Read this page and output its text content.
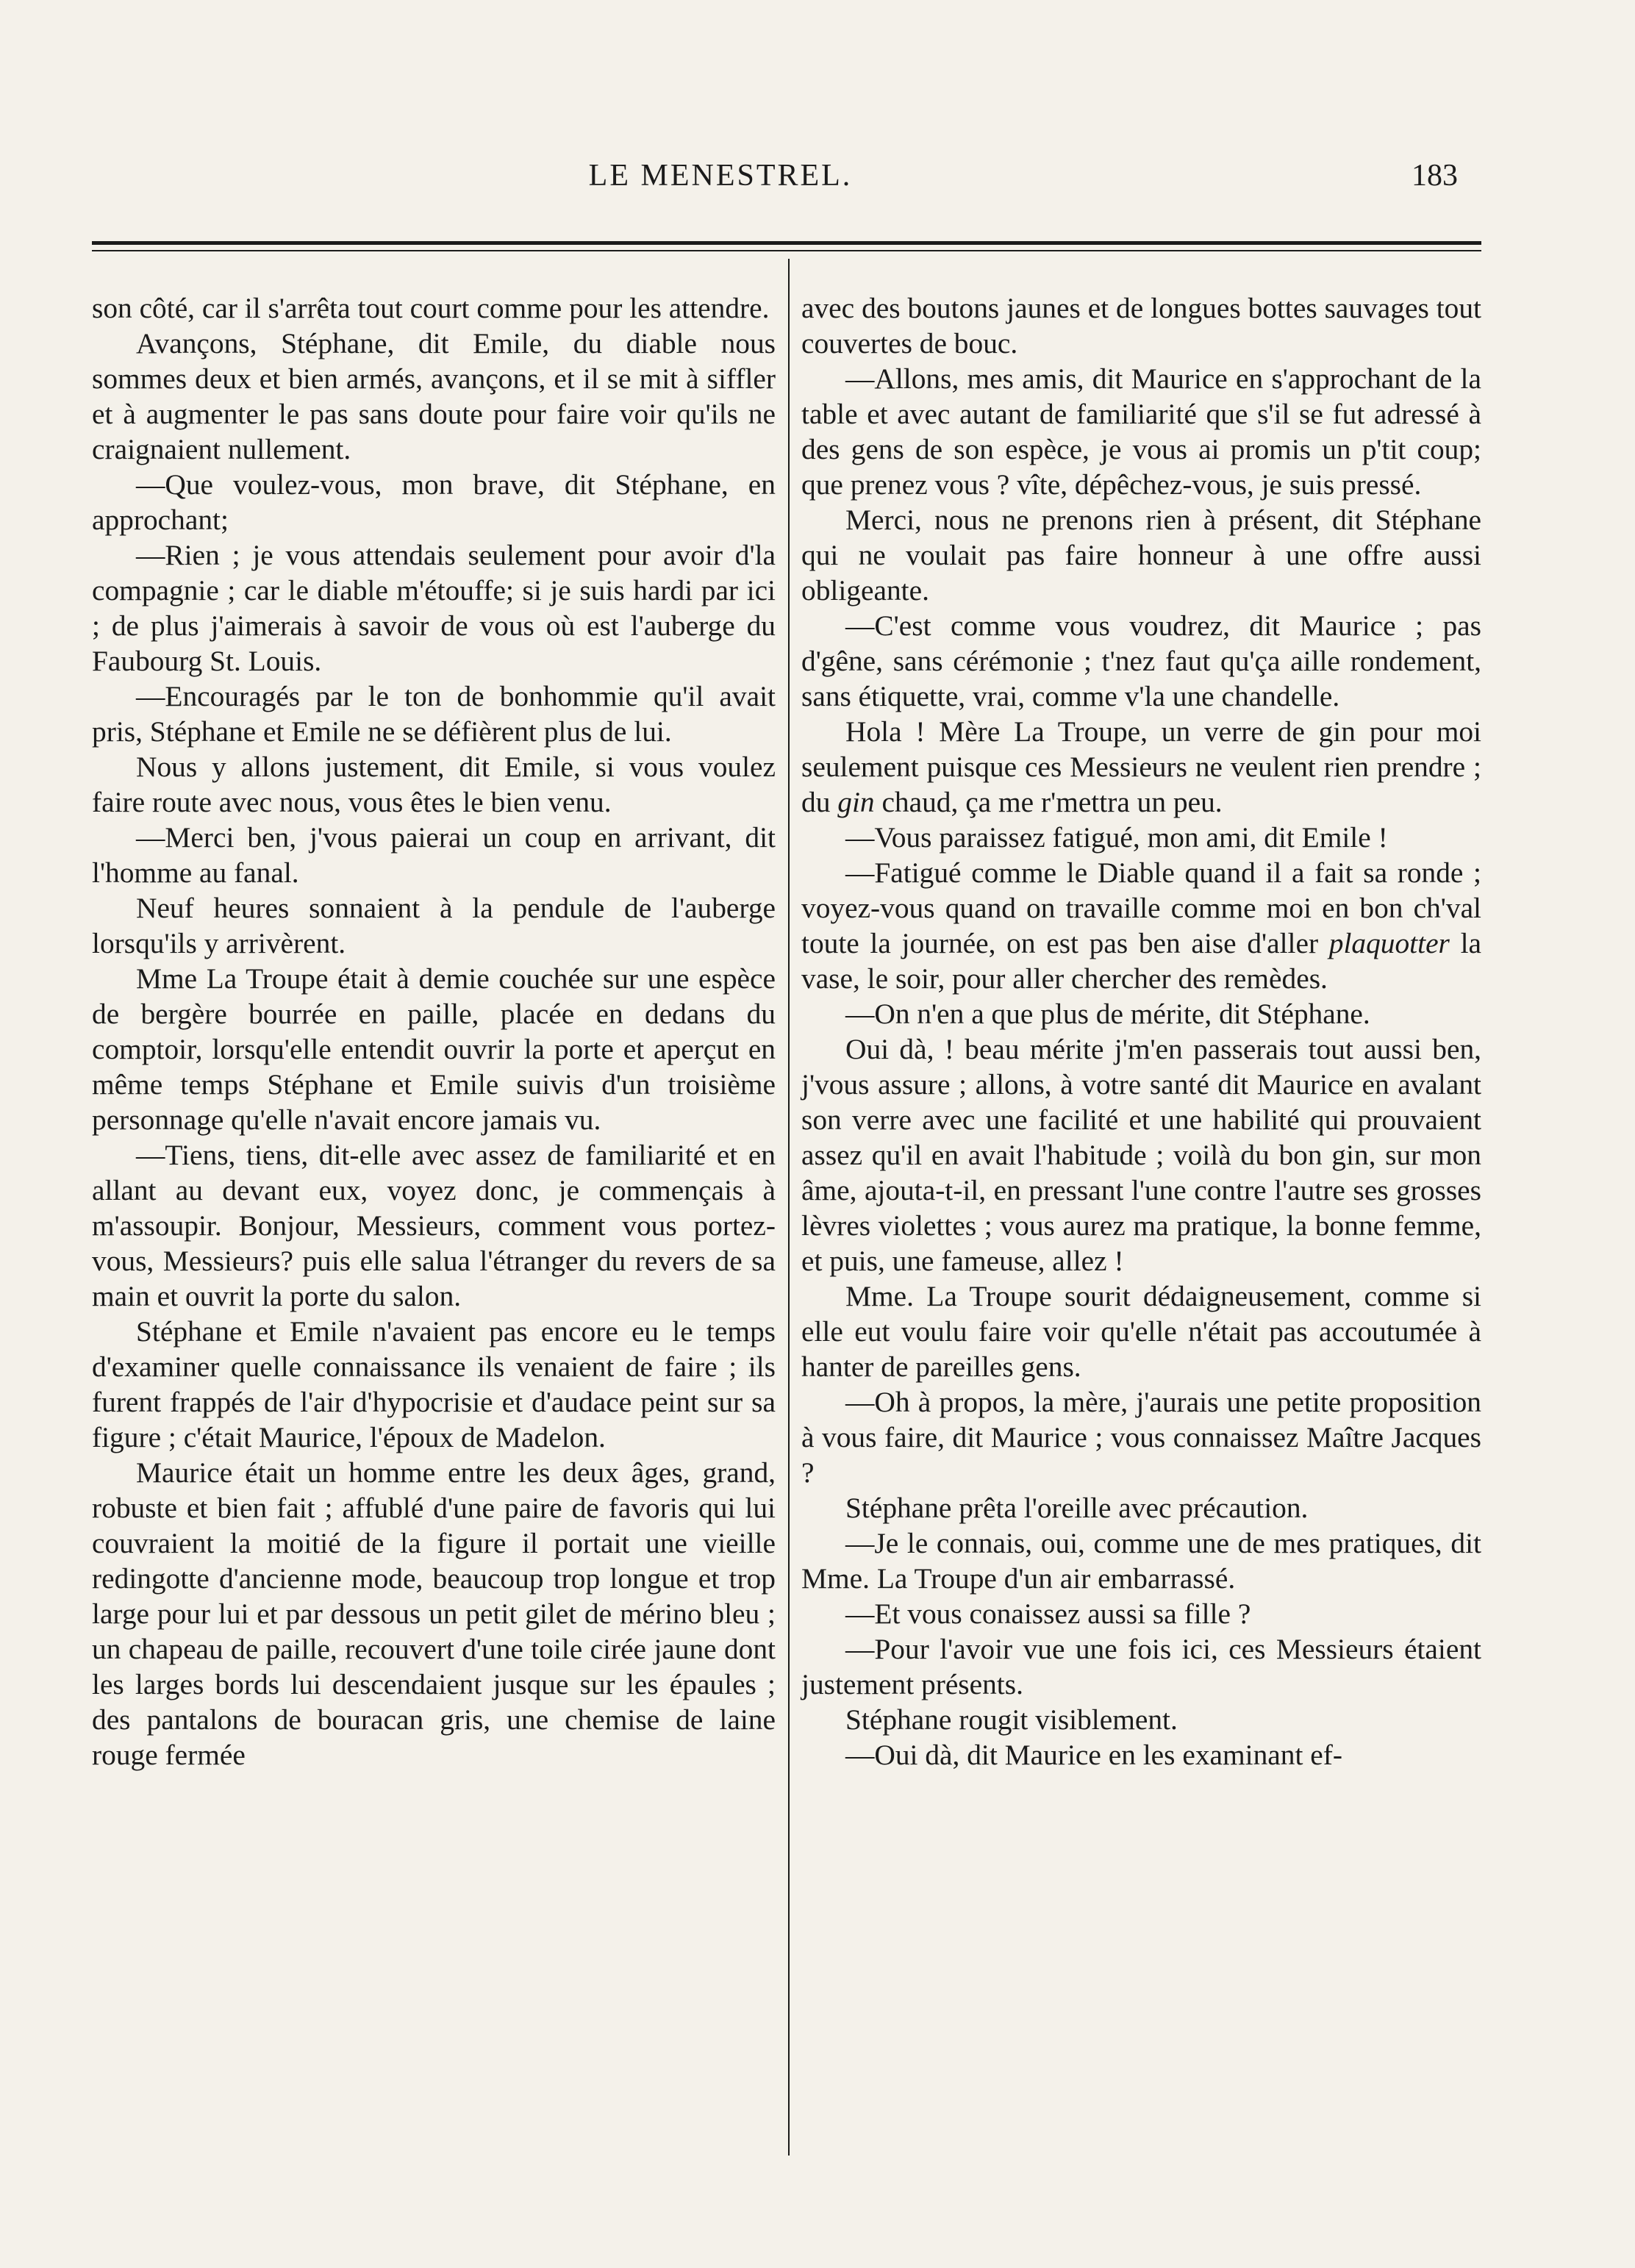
LE MENESTREL.	183

son côté, car il s'arrêta tout court comme pour les attendre.

Avançons, Stéphane, dit Emile, du diable nous sommes deux et bien armés, avançons, et il se mit à siffler et à augmenter le pas sans doute pour faire voir qu'ils ne craignaient nullement.

—Que voulez-vous, mon brave, dit Stéphane, en approchant;

—Rien ; je vous attendais seulement pour avoir d'la compagnie ; car le diable m'étouffe; si je suis hardi par ici ; de plus j'aimerais à savoir de vous où est l'auberge du Faubourg St. Louis.

—Encouragés par le ton de bonhommie qu'il avait pris, Stéphane et Emile ne se défièrent plus de lui.

Nous y allons justement, dit Emile, si vous voulez faire route avec nous, vous êtes le bien venu.

—Merci ben, j'vous paierai un coup en arrivant, dit l'homme au fanal.

Neuf heures sonnaient à la pendule de l'auberge lorsqu'ils y arrivèrent.

Mme La Troupe était à demie couchée sur une espèce de bergère bourrée en paille, placée en dedans du comptoir, lorsqu'elle entendit ouvrir la porte et aperçut en même temps Stéphane et Emile suivis d'un troisième personnage qu'elle n'avait encore jamais vu.

—Tiens, tiens, dit-elle avec assez de familiarité et en allant au devant eux, voyez donc, je commençais à m'assoupir. Bonjour, Messieurs, comment vous portez-vous, Messieurs? puis elle salua l'étranger du revers de sa main et ouvrit la porte du salon.

Stéphane et Emile n'avaient pas encore eu le temps d'examiner quelle connaissance ils venaient de faire ; ils furent frappés de l'air d'hypocrisie et d'audace peint sur sa figure ; c'était Maurice, l'époux de Madelon.

Maurice était un homme entre les deux âges, grand, robuste et bien fait ; affublé d'une paire de favoris qui lui couvraient la moitié de la figure il portait une vieille redingotte d'ancienne mode, beaucoup trop longue et trop large pour lui et par dessous un petit gilet de mérino bleu ; un chapeau de paille, recouvert d'une toile cirée jaune dont les larges bords lui descendaient jusque sur les épaules ; des pantalons de bouracan gris, une chemise de laine rouge fermée

avec des boutons jaunes et de longues bottes sauvages tout couvertes de bouc.

—Allons, mes amis, dit Maurice en s'approchant de la table et avec autant de familiarité que s'il se fut adressé à des gens de son espèce, je vous ai promis un p'tit coup; que prenez vous ? vîte, dépêchez-vous, je suis pressé.

Merci, nous ne prenons rien à présent, dit Stéphane qui ne voulait pas faire honneur à une offre aussi obligeante.

—C'est comme vous voudrez, dit Maurice ; pas d'gêne, sans cérémonie ; t'nez faut qu'ça aille rondement, sans étiquette, vrai, comme v'la une chandelle.

Hola ! Mère La Troupe, un verre de gin pour moi seulement puisque ces Messieurs ne veulent rien prendre ; du gin chaud, ça me r'mettra un peu.

—Vous paraissez fatigué, mon ami, dit Emile !

—Fatigué comme le Diable quand il a fait sa ronde ; voyez-vous quand on travaille comme moi en bon ch'val toute la journée, on est pas ben aise d'aller plaquotter la vase, le soir, pour aller chercher des remèdes.

—On n'en a que plus de mérite, dit Stéphane.

Oui dà, ! beau mérite j'm'en passerais tout aussi ben, j'vous assure ; allons, à votre santé dit Maurice en avalant son verre avec une facilité et une habilité qui prouvaient assez qu'il en avait l'habitude ; voilà du bon gin, sur mon âme, ajouta-t-il, en pressant l'une contre l'autre ses grosses lèvres violettes ; vous aurez ma pratique, la bonne femme, et puis, une fameuse, allez !

Mme. La Troupe sourit dédaigneusement, comme si elle eut voulu faire voir qu'elle n'était pas accoutumée à hanter de pareilles gens.

—Oh à propos, la mère, j'aurais une petite proposition à vous faire, dit Maurice ; vous connaissez Maître Jacques ?

Stéphane prêta l'oreille avec précaution.

—Je le connais, oui, comme une de mes pratiques, dit Mme. La Troupe d'un air embarrassé.

—Et vous conaissez aussi sa fille ?

—Pour l'avoir vue une fois ici, ces Messieurs étaient justement présents.

Stéphane rougit visiblement.

—Oui dà, dit Maurice en les examinant ef-
